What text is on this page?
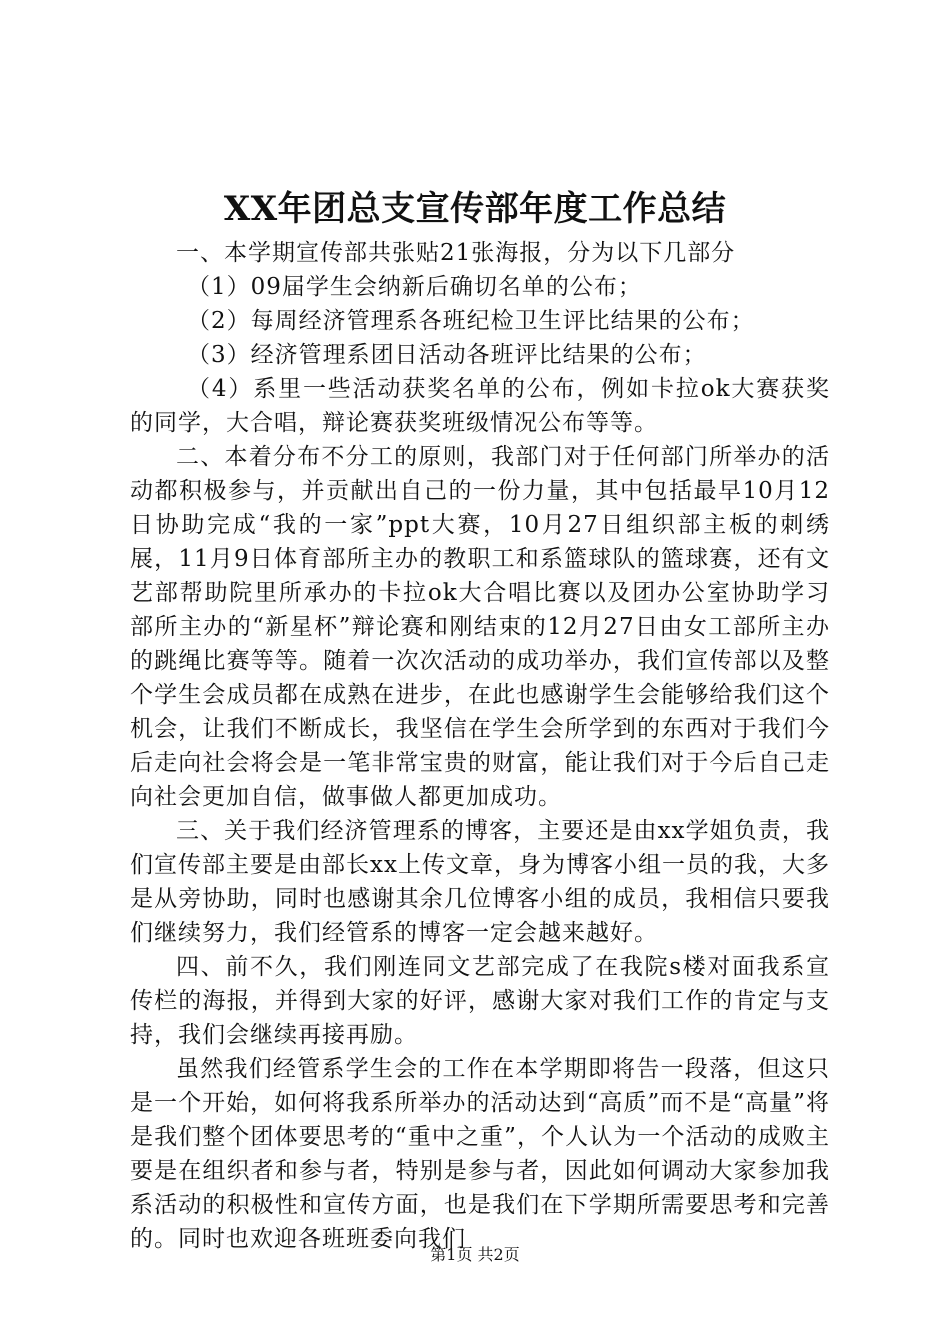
XX年团总支宣传部年度工作总结

一、本学期宣传部共张贴21张海报，分为以下几部分

（1）09届学生会纳新后确切名单的公布；

（2）每周经济管理系各班纪检卫生评比结果的公布；

（3）经济管理系团日活动各班评比结果的公布；

（4）系里一些活动获奖名单的公布，例如卡拉ok大赛获奖的同学，大合唱，辩论赛获奖班级情况公布等等。

二、本着分布不分工的原则，我部门对于任何部门所举办的活动都积极参与，并贡献出自己的一份力量，其中包括最早10月12日协助完成“我的一家”ppt大赛，10月27日组织部主板的刺绣展，11月9日体育部所主办的教职工和系篮球队的篮球赛，还有文艺部帮助院里所承办的卡拉ok大合唱比赛以及团办公室协助学习部所主办的“新星杯”辩论赛和刚结束的12月27日由女工部所主办的跳绳比赛等等。随着一次次活动的成功举办，我们宣传部以及整个学生会成员都在成熟在进步，在此也感谢学生会能够给我们这个机会，让我们不断成长，我坚信在学生会所学到的东西对于我们今后走向社会将会是一笔非常宝贵的财富，能让我们对于今后自己走向社会更加自信，做事做人都更加成功。

三、关于我们经济管理系的博客，主要还是由xx学姐负责，我们宣传部主要是由部长xx上传文章，身为博客小组一员的我，大多是从旁协助，同时也感谢其余几位博客小组的成员，我相信只要我们继续努力，我们经管系的博客一定会越来越好。

四、前不久，我们刚连同文艺部完成了在我院s楼对面我系宣传栏的海报，并得到大家的好评，感谢大家对我们工作的肯定与支持，我们会继续再接再励。

虽然我们经管系学生会的工作在本学期即将告一段落，但这只是一个开始，如何将我系所举办的活动达到“高质”而不是“高量”将是我们整个团体要思考的“重中之重”，个人认为一个活动的成败主要是在组织者和参与者，特别是参与者，因此如何调动大家参加我系活动的积极性和宣传方面，也是我们在下学期所需要思考和完善的。同时也欢迎各班班委向我们

第1页 共2页
